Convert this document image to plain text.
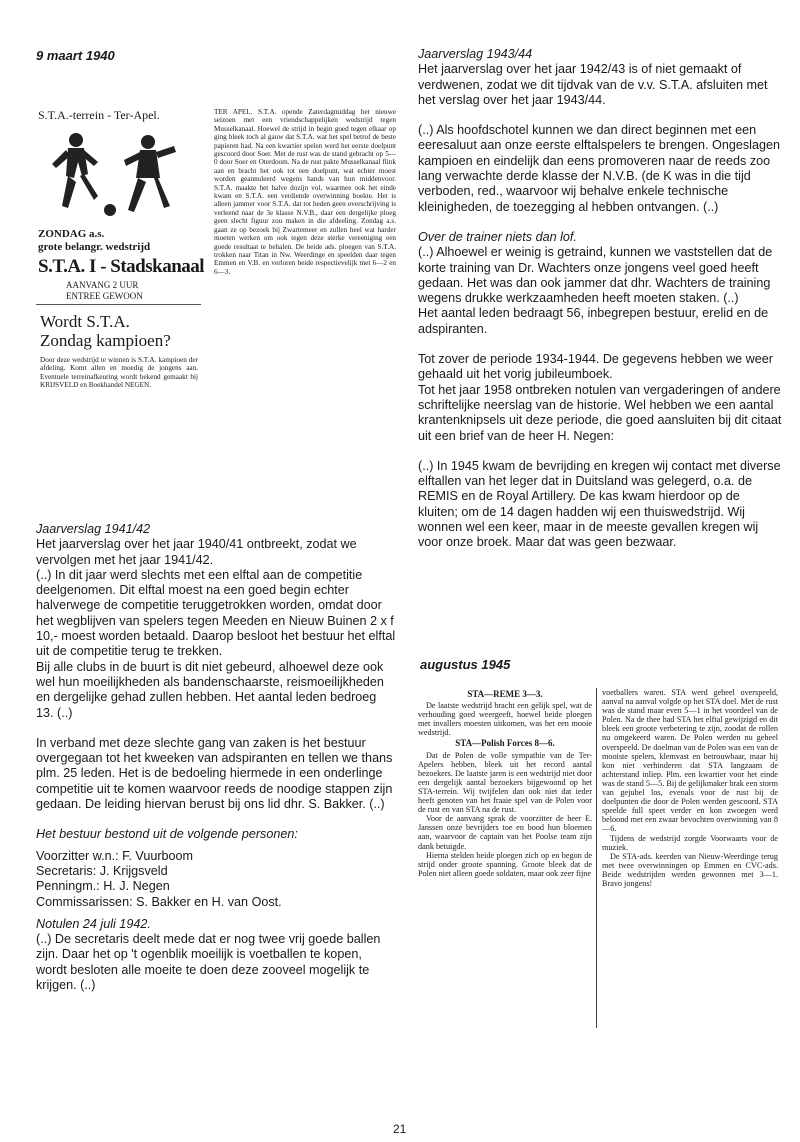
9 maart 1940
S.T.A.-terrein - Ter-Apel.
ZONDAG a.s.
grote belangr. wedstrijd
S.T.A. I - Stadskanaal
AANVANG 2 UUR
ENTREE GEWOON
Wordt S.T.A.
Zondag kampioen?
Door deze wedstrijd te winnen is S.T.A. kampioen der afdeling. Komt allen en moedig de jongens aan. Eventuele terreinafkeuring wordt bekend gemaakt bij KRIJSVELD en Boekhandel NEGEN.
TER APEL. S.T.A. opende Zaterdagmiddag het nieuwe seizoen met een vriendschappelijken wedstrijd tegen Musselkanaal. Hoewel de strijd in begin goed tegen elkaar op ging bleek toch al gauw dat S.T.A. wat het spel betrof de beste papieren had. Na een kwartier spelen werd het eerste doelpunt gescoord door Soer. Met de rust was de stand gebracht op 5—0 door Soer en Oterdoom. Na de rust pakte Musselkanaal flink aan en bracht het ook tot een doelpunt, wat echter moest worden geannuleerd wegens hands van hun middenvoor. S.T.A. maakte het halve dozijn vol, waarmee ook het einde kwam en S.T.A. een verdiende overwinning boekte. Het is alleen jammer voor S.T.A. dat tot heden geen overschrijving is verleend naar de 3e klasse N.V.B., daar een dergelijke ploeg geen slecht figuur zou maken in die afdeeling. Zondag a.s. gaan ze op bezoek bij Zwartemeer en zullen heel wat harder moeten werken om ook tegen deze sterke vereeniging een goede resultaat te behalen. De beide ads. ploegen van S.T.A. trokken naar Titan in Nw. Weerdinge en speelden daar tegen Emmen en V.B. en verloren beide respectievelijk met 6—2 en 6—3.

Jaarverslag 1941/42

Het jaarverslag over het jaar 1940/41 ontbreekt, zodat we vervolgen met het jaar 1941/42.

(..) In dit jaar werd slechts met een elftal aan de competitie deelgenomen. Dit elftal moest na een goed begin echter halverwege de competitie teruggetrokken worden, omdat door het wegblijven van spelers tegen Meeden en Nieuw Buinen 2 x f 10,- moest worden betaald. Daarop besloot het bestuur het elftal uit de competitie terug te trekken.

Bij alle clubs in de buurt is dit niet gebeurd, alhoewel deze ook wel hun moeilijkheden als bandenschaarste, reismoeilijkheden en dergelijke gehad zullen hebben. Het aantal leden bedroeg 13. (..)

In verband met deze slechte gang van zaken is het bestuur overgegaan tot het kweeken van adspiranten en tellen we thans plm. 25 leden. Het is de bedoeling hiermede in een onderlinge competitie uit te komen waarvoor reeds de noodige stappen zijn gedaan. De leiding hiervan berust bij ons lid dhr. S. Bakker. (..)

Het bestuur bestond uit de volgende personen:

Voorzitter w.n.: F. Vuurboom

Secretaris: J. Krijgsveld

Penningm.: H. J. Negen

Commissarissen: S. Bakker en H. van Oost.

Notulen 24 juli 1942.

(..) De secretaris deelt mede dat er nog twee vrij goede ballen zijn. Daar het op 't ogenblik moeilijk is voetballen te kopen, wordt besloten alle moeite te doen deze zooveel mogelijk te krijgen. (..)

Jaarverslag 1943/44

Het jaarverslag over het jaar 1942/43 is of niet gemaakt of verdwenen, zodat we dit tijdvak van de v.v. S.T.A. afsluiten met het verslag over het jaar 1943/44.

(..) Als hoofdschotel kunnen we dan direct beginnen met een eeresaluut aan onze eerste elftalspelers te brengen. Ongeslagen kampioen en eindelijk dan eens promoveren naar de reeds zoo lang verwachte derde klasse der N.V.B. (de K was in die tijd verboden, red., waarvoor wij behalve enkele technische kleinigheden, de toezegging al hebben ontvangen. (..)

Over de trainer niets dan lof.

(..) Alhoewel er weinig is getraind, kunnen we vaststellen dat de korte training van Dr. Wachters onze jongens veel goed heeft gedaan. Het was dan ook jammer dat dhr. Wachters de training wegens drukke werkzaamheden heeft moeten staken. (..)

Het aantal leden bedraagt 56, inbegrepen bestuur, erelid en de adspiranten.

Tot zover de periode 1934-1944. De gegevens hebben we weer gehaald uit het vorig jubileumboek.

Tot het jaar 1958 ontbreken notulen van vergaderingen of andere schriftelijke neerslag van de historie. Wel hebben we een aantal krantenknipsels uit deze periode, die goed aansluiten bij dit citaat uit een brief van de heer H. Negen:

(..) In 1945 kwam de bevrijding en kregen wij contact met diverse elftallen van het leger dat in Duitsland was gelegerd, o.a. de REMIS en de Royal Artillery. De kas kwam hierdoor op de kluiten; om de 14 dagen hadden wij een thuiswedstrijd. Wij wonnen wel een keer, maar in de meeste gevallen kregen wij voor onze broek. Maar dat was geen bezwaar.

augustus 1945

STA—REME 3—3.

De laatste wedstrijd bracht een gelijk spel, wat de verhouding goed weergeeft, hoewel beide ploegen met invallers moesten uitkomen, was het een mooie wedstrijd.

STA—Polish Forces 8—6.

Dat de Polen de volle sympathie van de Ter-Apelers hebben, bleek uit het record aantal bezoekers. De laatste jaren is een wedstrijd niet door een dergelijk aantal bezoekers bijgewoond op het STA-terrein. Wij twijfelen dan ook niet dat ieder heeft genoten van het fraaie spel van de Polen voor de rust en van STA na de rust.

Voor de aanvang sprak de voorzitter de heer E. Janssen onze bevrijders toe en bood hun bloemen aan, waarvoor de captain van het Poolse team zijn dank betuigde.

Hierna stelden beide ploegen zich op en begon de strijd onder groote spanning. Groote bleek dat de Polen niet alleen goede soldaten, maar ook zeer fijne

voetballers waren. STA werd geheel overspeeld, aanval na aanval volgde op het STA doel. Met de rust was de stand maar even 5—1 in het voordeel van de Polen. Na de thee had STA het elftal gewijzigd en dit bleek een groote verbetering te zijn, zoodat de rollen nu omgekeerd waren. De Polen werden nu geheel overspeeld. De doelman van de Polen was een van de mooiste spelers, klemvast en betrouwbaar, maar hij kon niet verhinderen dat STA langzaam de achterstand inliep. Plm. een kwartier voor het einde was de stand 5—5. Bij de gelijkmaker brak een storm van gejubel los, evenals voor de rust bij de doelpunten die door de Polen werden gescoord. STA speelde full speet verder en kon zwoegen werd beloond met een zwaar bevochten overwinning van 8—6.

Tijdens de wedstrijd zorgde Voorwaarts voor de muziek.

De STA-ads. keerden van Nieuw-Weerdinge terug met twee overwinningen op Emmen en CVC-ads. Beide wedstrijden werden gewonnen met 3—1. Bravo jongens!

21
